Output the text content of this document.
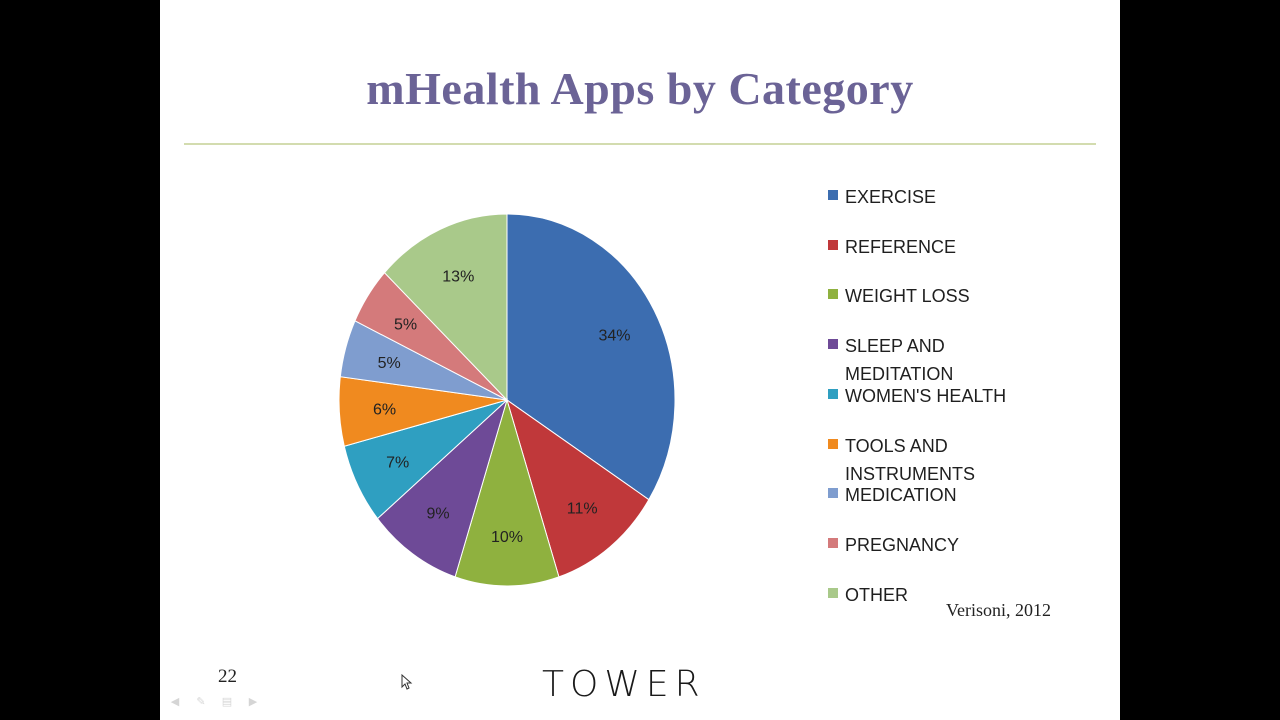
mHealth Apps by Category
34%
11%
10%
9%
7%
6%
5%
5%
13%
EXERCISE
REFERENCE
WEIGHT LOSS
SLEEP AND MEDITATION
WOMEN'S HEALTH
TOOLS AND INSTRUMENTS
MEDICATION
PREGNANCY
OTHER
Verisoni, 2012
22	TOWER
◀	✎	▤	▶
